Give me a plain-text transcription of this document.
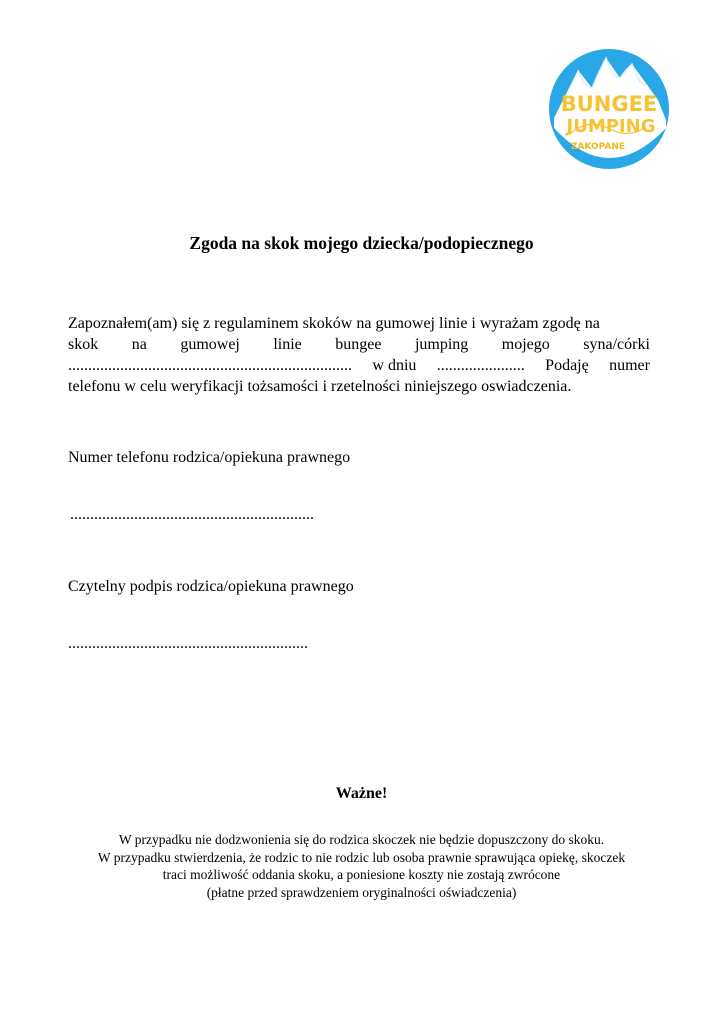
BUNGEE
JUMPING
ZAKOPANE
Zgoda na skok mojego dziecka/podopiecznego
Zapoznałem(am) się z regulaminem skoków na gumowej linie i wyrażam zgodę na
skok na gumowej linie bungee jumping mojego syna/córki
....................................................................... w dniu ...................... Podaję numer
telefonu w celu weryfikacji tożsamości i rzetelności niniejszego oswiadczenia.

Numer telefonu rodzica/opiekuna prawnego

.............................................................

Czytelny podpis rodzica/opiekuna prawnego

............................................................

Ważne!

W przypadku nie dodzwonienia się do rodzica skoczek nie będzie dopuszczony do skoku.
W przypadku stwierdzenia, że rodzic to nie rodzic lub osoba prawnie sprawująca opiekę, skoczek
traci możliwość oddania skoku, a poniesione koszty nie zostają zwrócone
(płatne przed sprawdzeniem oryginalności oświadczenia)
